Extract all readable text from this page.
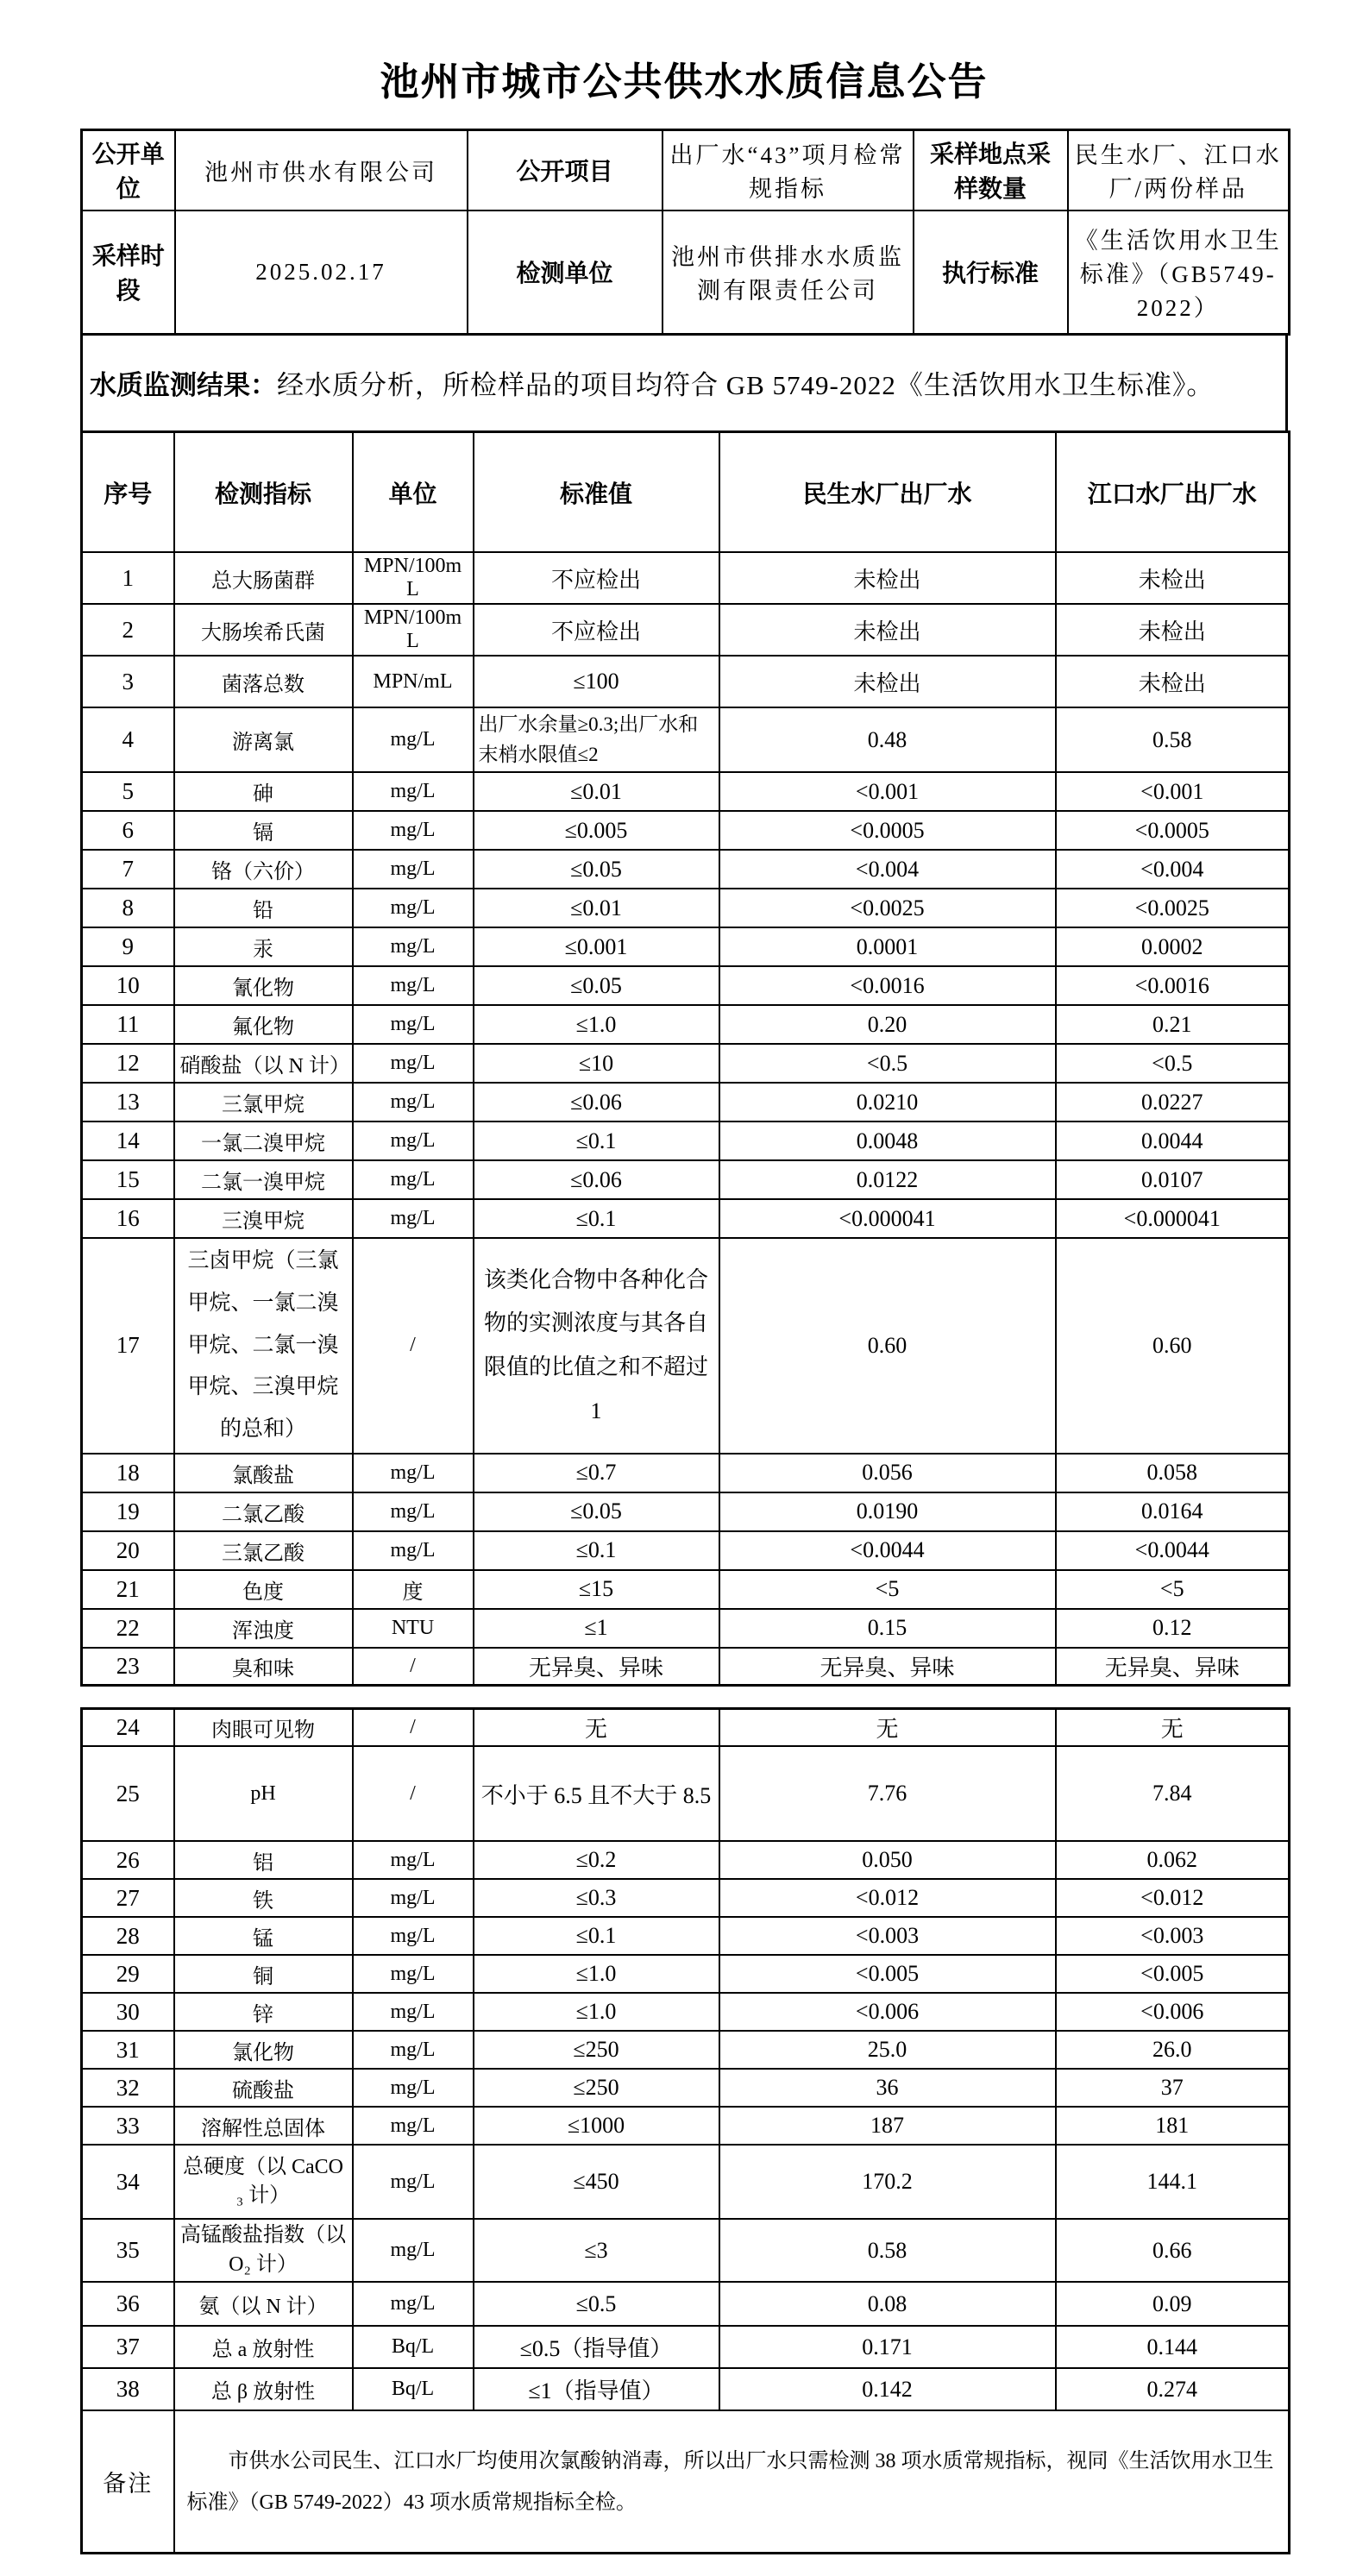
池州市城市公共供水水质信息公告
公开单位	池州市供水有限公司	公开项目	出厂水“43”项月检常规指标	采样地点采样数量	民生水厂、江口水厂/两份样品
采样时段	2025.02.17	检测单位	池州市供排水水质监测有限责任公司	执行标准	《生活饮用水卫生标准》（GB5749-2022）
水质监测结果： 经水质分析，所检样品的项目均符合 GB 5749-2022《生活饮用水卫生标准》。
序号	检测指标	单位	标准值	民生水厂出厂水	江口水厂出厂水
1	总大肠菌群	MPN/100mL	不应检出	未检出	未检出
2	大肠埃希氏菌	MPN/100mL	不应检出	未检出	未检出
3	菌落总数	MPN/mL	≤100	未检出	未检出
4	游离氯	mg/L	出厂水余量≥0.3;出厂水和末梢水限值≤2	0.48	0.58
5	砷	mg/L	≤0.01	<0.001	<0.001
6	镉	mg/L	≤0.005	<0.0005	<0.0005
7	铬（六价）	mg/L	≤0.05	<0.004	<0.004
8	铅	mg/L	≤0.01	<0.0025	<0.0025
9	汞	mg/L	≤0.001	0.0001	0.0002
10	氰化物	mg/L	≤0.05	<0.0016	<0.0016
11	氟化物	mg/L	≤1.0	0.20	0.21
12	硝酸盐（以 N 计）	mg/L	≤10	<0.5	<0.5
13	三氯甲烷	mg/L	≤0.06	0.0210	0.0227
14	一氯二溴甲烷	mg/L	≤0.1	0.0048	0.0044
15	二氯一溴甲烷	mg/L	≤0.06	0.0122	0.0107
16	三溴甲烷	mg/L	≤0.1	<0.000041	<0.000041
17	三卤甲烷（三氯甲烷、一氯二溴甲烷、二氯一溴甲烷、三溴甲烷的总和）	/	该类化合物中各种化合物的实测浓度与其各自限值的比值之和不超过 1	0.60	0.60
18	氯酸盐	mg/L	≤0.7	0.056	0.058
19	二氯乙酸	mg/L	≤0.05	0.0190	0.0164
20	三氯乙酸	mg/L	≤0.1	<0.0044	<0.0044
21	色度	度	≤15	<5	<5
22	浑浊度	NTU	≤1	0.15	0.12
23	臭和味	/	无异臭、异味	无异臭、异味	无异臭、异味
24	肉眼可见物	/	无	无	无
25	pH	/	不小于 6.5 且不大于 8.5	7.76	7.84
26	铝	mg/L	≤0.2	0.050	0.062
27	铁	mg/L	≤0.3	<0.012	<0.012
28	锰	mg/L	≤0.1	<0.003	<0.003
29	铜	mg/L	≤1.0	<0.005	<0.005
30	锌	mg/L	≤1.0	<0.006	<0.006
31	氯化物	mg/L	≤250	25.0	26.0
32	硫酸盐	mg/L	≤250	36	37
33	溶解性总固体	mg/L	≤1000	187	181
34	总硬度（以 CaCO₃ 计）	mg/L	≤450	170.2	144.1
35	高锰酸盐指数（以 O₂ 计）	mg/L	≤3	0.58	0.66
36	氨（以 N 计）	mg/L	≤0.5	0.08	0.09
37	总 a 放射性	Bq/L	≤0.5（指导值）	0.171	0.144
38	总 β 放射性	Bq/L	≤1（指导值）	0.142	0.274
备注	市供水公司民生、江口水厂均使用次氯酸钠消毒，所以出厂水只需检测 38 项水质常规指标，视同《生活饮用水卫生标准》（GB 5749-2022）43 项水质常规指标全检。				
